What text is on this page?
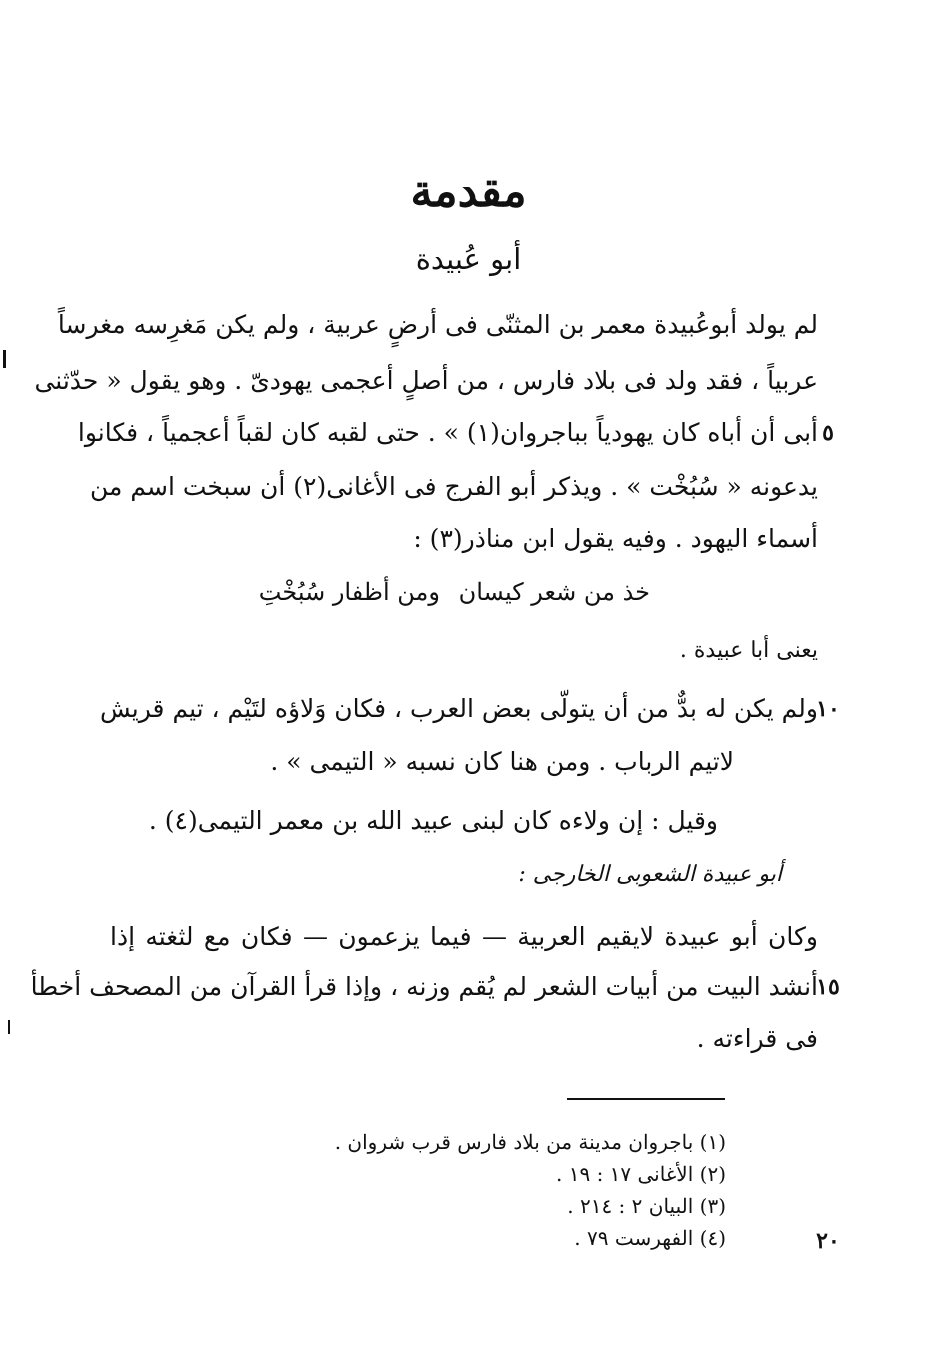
مقدمة
أبو عُبيدة
لم يولد أبوعُبيدة معمر بن المثنّى فى أرضٍ عربية ، ولم يكن مَغرِسه مغرساً
عربياً ، فقد ولد فى بلاد فارس ، من أصلٍ أعجمى يهودىّ . وهو يقول « حدّثنى
أبى أن أباه كان يهودياً بباجروان(١) » . حتى لقبه كان لقباً أعجمياً ، فكانوا
يدعونه « سُبُخْت » . ويذكر أبو الفرج فى الأغانى(٢) أن سبخت اسم من
أسماء اليهود . وفيه يقول ابن مناذر(٣) :
٥
خذ من شعر كيسان
ومن أظفار سُبُخْتِ
يعنى أبا عبيدة .
ولم يكن له بدٌّ من أن يتولّى بعض العرب ، فكان وَلاؤه لتَيْم ، تيم قريش
لاتيم الرباب . ومن هنا كان نسبه « التيمى » .
١٠
وقيل : إن ولاءه كان لبنى عبيد الله بن معمر التيمى(٤) .
أبو عبيدة الشعوبى الخارجى :
وكان أبو عبيدة لايقيم العربية — فيما يزعمون — فكان مع لثغته إذا
أنشد البيت من أبيات الشعر لم يُقم وزنه ، وإذا قرأ القرآن من المصحف أخطأ
فى قراءته .
١٥
(١) باجروان مدينة من بلاد فارس قرب شروان .
(٢) الأغانى ١٧ : ١٩ .
(٣) البيان ٢ : ٢١٤ .
(٤) الفهرست ٧٩ .	٢٠
